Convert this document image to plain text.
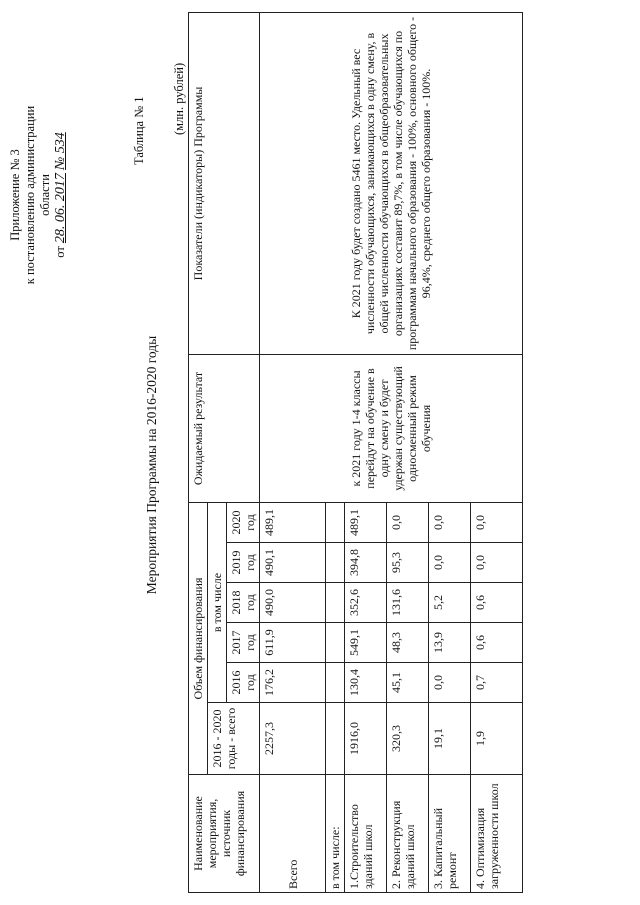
Приложение № 3 к постановлению администрации области
от 28. 06. 2017 № 534	Таблица № 1
Мероприятия Программы на 2016-2020 годы
(млн. рублей)
Наименование мероприятия, источник финансирования	Объем финансирования						Ожидаемый результат	Показатели (индикаторы) Программы
	2016 - 2020 годы - всего	в том числе						
		2016 год	2017 год	2018 год	2019 год	2020 год		
Всего	2257,3	176,2	611,9	490,0	490,1	489,1	к 2021 году 1-4 классы перейдут на обучение в одну смену и будет удержан существующий односменный режим обучения	К 2021 году будет создано 5461 место. Удельный вес численности обучающихся, занимающихся в одну смену, в общей численности обучающихся в общеобразовательных организациях составит 89,7%, в том числе обучающихся по программам начального образования - 100%, основного общего - 96,4%, среднего общего образования - 100%.
в том числе:								
1.Строительство зданий школ	1916,0	130,4	549,1	352,6	394,8	489,1		
2. Реконструкция зданий школ	320,3	45,1	48,3	131,6	95,3	0,0		
3. Капитальный ремонт	19,1	0,0	13,9	5,2	0,0	0,0		
4. Оптимизация загруженности школ	1,9	0,7	0,6	0,6	0,0	0,0		
